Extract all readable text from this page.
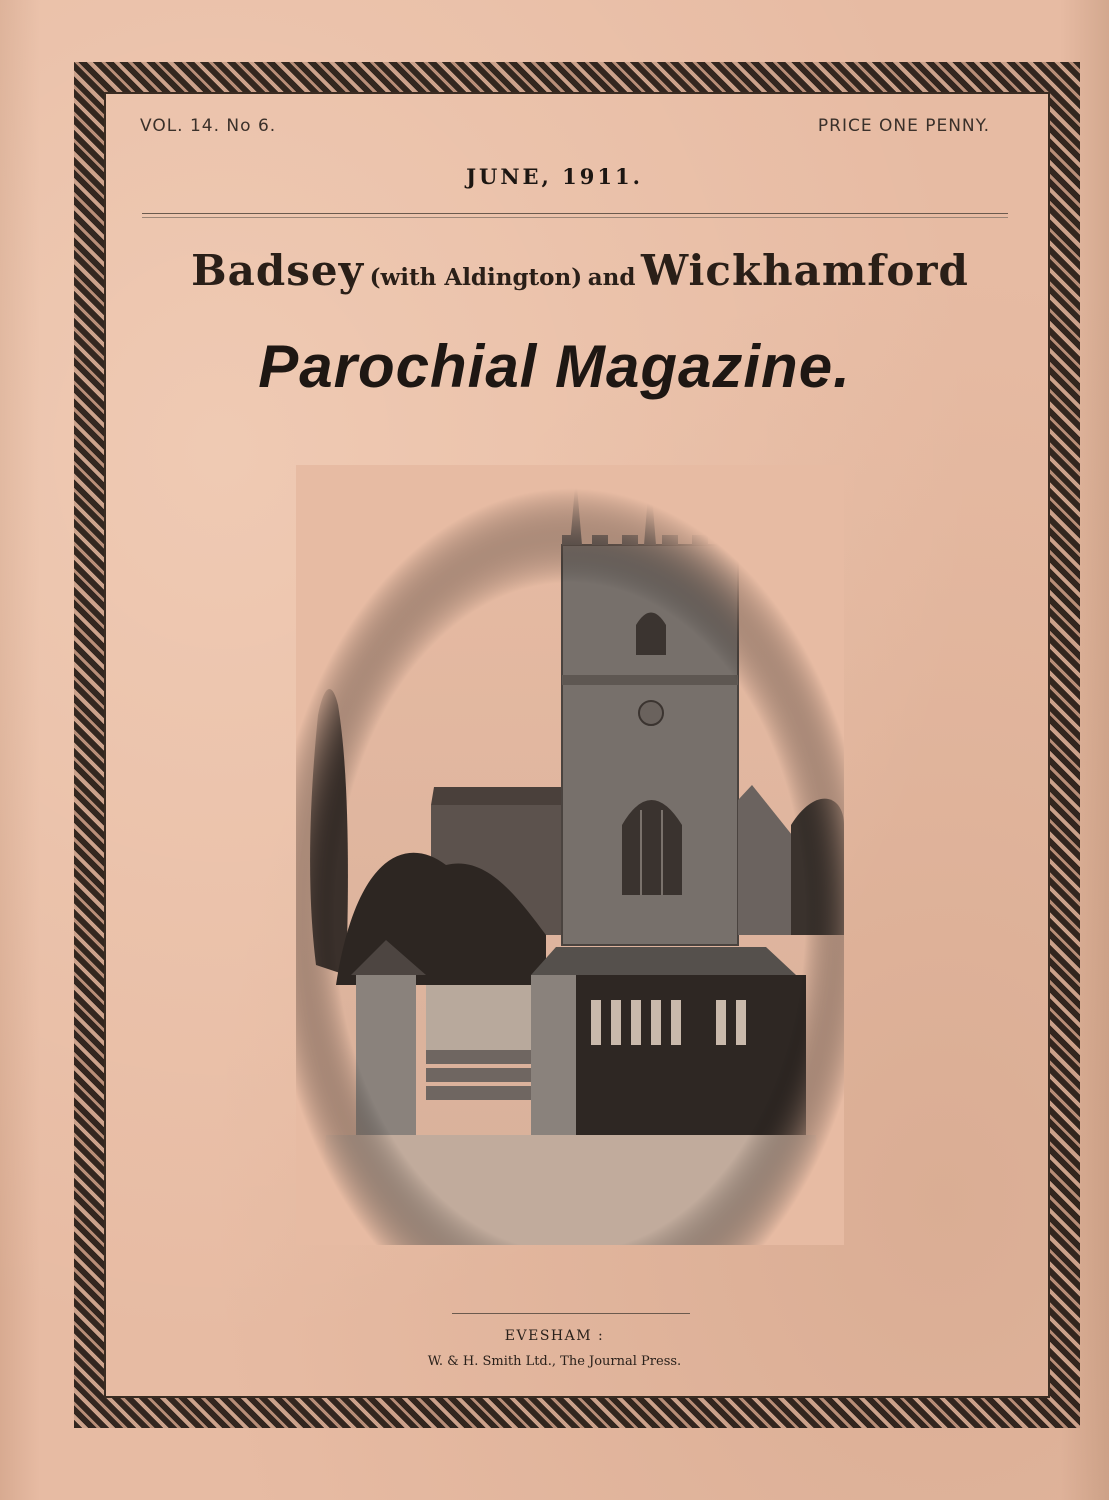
VOL. 14. No 6.	PRICE ONE PENNY.
JUNE, 1911.
Badsey (with Aldington) and Wickhamford
Parochial Magazine.
EVESHAM :
W. & H. Smith Ltd., The Journal Press.
